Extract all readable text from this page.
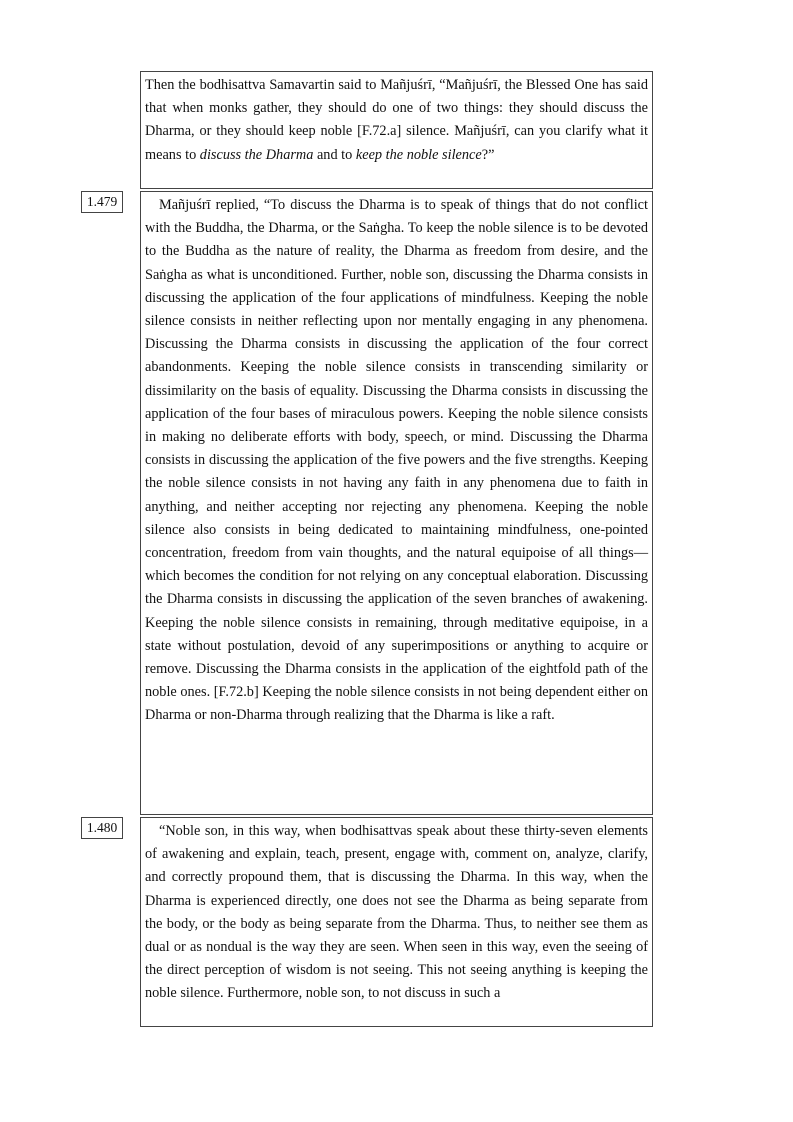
Then the bodhisattva Samavartin said to Mañjuśrī, “Mañjuśrī, the Blessed One has said that when monks gather, they should do one of two things: they should discuss the Dharma, or they should keep noble [F.72.a] silence. Mañjuśrī, can you clarify what it means to discuss the Dharma and to keep the noble silence?”

1.479	Mañjuśrī replied, “To discuss the Dharma is to speak of things that do not conflict with the Buddha, the Dharma, or the Saṅgha. To keep the noble silence is to be devoted to the Buddha as the nature of reality, the Dharma as freedom from desire, and the Saṅgha as what is unconditioned. Further, noble son, discussing the Dharma consists in discussing the application of the four applications of mindfulness. Keeping the noble silence consists in neither reflecting upon nor mentally engaging in any phenomena. Discussing the Dharma consists in discussing the application of the four correct abandonments. Keeping the noble silence consists in transcending similarity or dissimilarity on the basis of equality. Discussing the Dharma consists in discussing the application of the four bases of miraculous powers. Keeping the noble silence consists in making no deliberate efforts with body, speech, or mind. Discussing the Dharma consists in discussing the application of the five powers and the five strengths. Keeping the noble silence consists in not having any faith in any phenomena due to faith in anything, and neither accepting nor rejecting any phenomena. Keeping the noble silence also consists in being dedicated to maintaining mindfulness, one-pointed concentration, freedom from vain thoughts, and the natural equipoise of all things—which becomes the condition for not relying on any conceptual elaboration. Discussing the Dharma consists in discussing the application of the seven branches of awakening. Keeping the noble silence consists in remaining, through meditative equipoise, in a state without postulation, devoid of any superimpositions or anything to acquire or remove. Discussing the Dharma consists in the application of the eightfold path of the noble ones. [F.72.b] Keeping the noble silence consists in not being dependent either on Dharma or non-Dharma through realizing that the Dharma is like a raft.

1.480	“Noble son, in this way, when bodhisattvas speak about these thirty-seven elements of awakening and explain, teach, present, engage with, comment on, analyze, clarify, and correctly propound them, that is discussing the Dharma. In this way, when the Dharma is experienced directly, one does not see the Dharma as being separate from the body, or the body as being separate from the Dharma. Thus, to neither see them as dual or as nondual is the way they are seen. When seen in this way, even the seeing of the direct perception of wisdom is not seeing. This not seeing anything is keeping the noble silence. Furthermore, noble son, to not discuss in such a
